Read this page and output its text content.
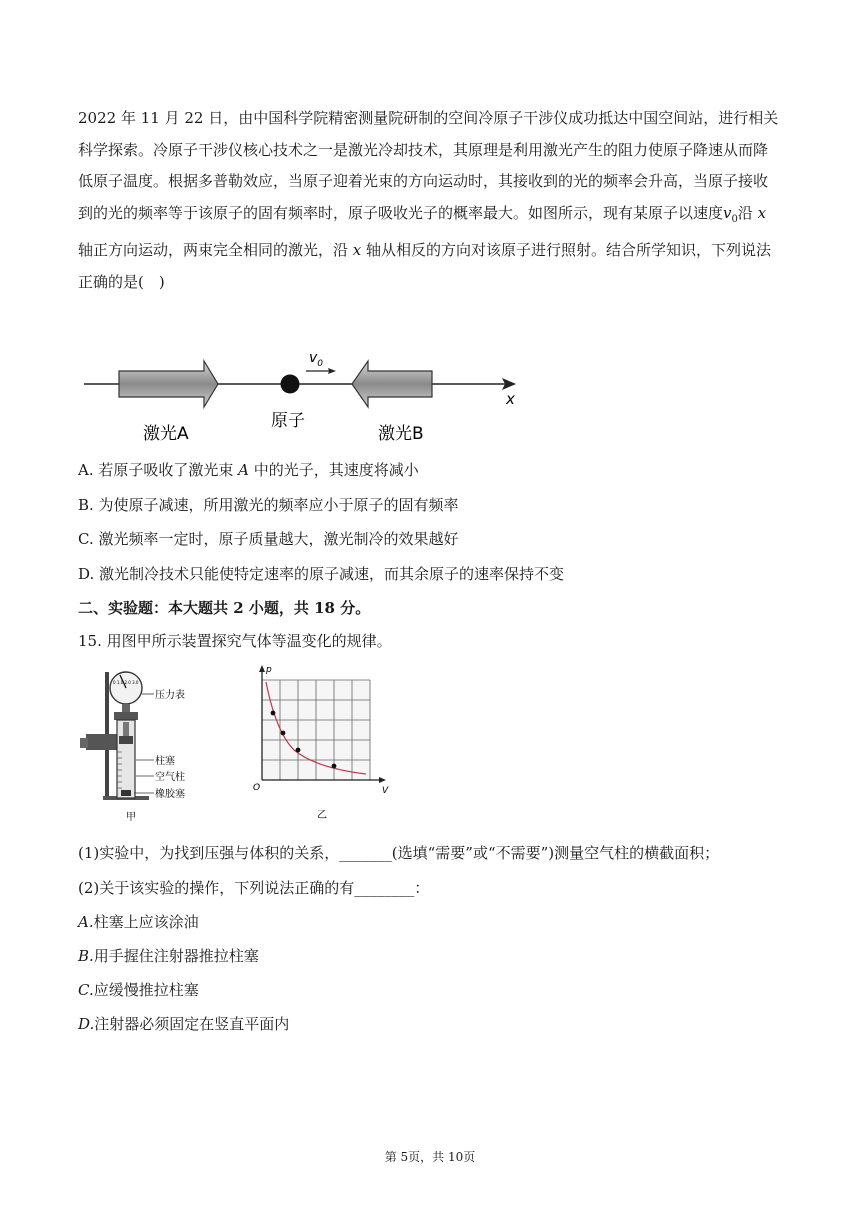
2022 年 11 月 22 日，由中国科学院精密测量院研制的空间冷原子干涉仪成功抵达中国空间站，进行相关科学探索。冷原子干涉仪核心技术之一是激光冷却技术，其原理是利用激光产生的阻力使原子降速从而降低原子温度。根据多普勒效应，当原子迎着光束的方向运动时，其接收到的光的频率会升高，当原子接收到的光的频率等于该原子的固有频率时，原子吸收光子的概率最大。如图所示，现有某原子以速度$v_0$沿 x 轴正方向运动，两束完全相同的激光，沿 x 轴从相反的方向对该原子进行照射。结合所学知识，下列说法正确的是(　)
$v_0$
x
激光A
原子
激光B
A. 若原子吸收了激光束 A 中的光子，其速度将减小
B. 为使原子减速，所用激光的频率应小于原子的固有频率
C. 激光频率一定时，原子质量越大，激光制冷的效果越好
D. 激光制冷技术只能使特定速率的原子减速，而其余原子的速率保持不变
二、实验题：本大题共 2 小题，共 18 分。
15. 用图甲所示装置探究气体等温变化的规律。
0 1.0 2.0 3.0
压力表
柱塞
空气柱
橡胶塞
甲
p
V
O
乙
(1)实验中，为找到压强与体积的关系，_______(选填“需要”或“不需要”)测量空气柱的横截面积；
(2)关于该实验的操作，下列说法正确的有________：
A.柱塞上应该涂油
B.用手握住注射器推拉柱塞
C.应缓慢推拉柱塞
D.注射器必须固定在竖直平面内
第 5页，共 10页
